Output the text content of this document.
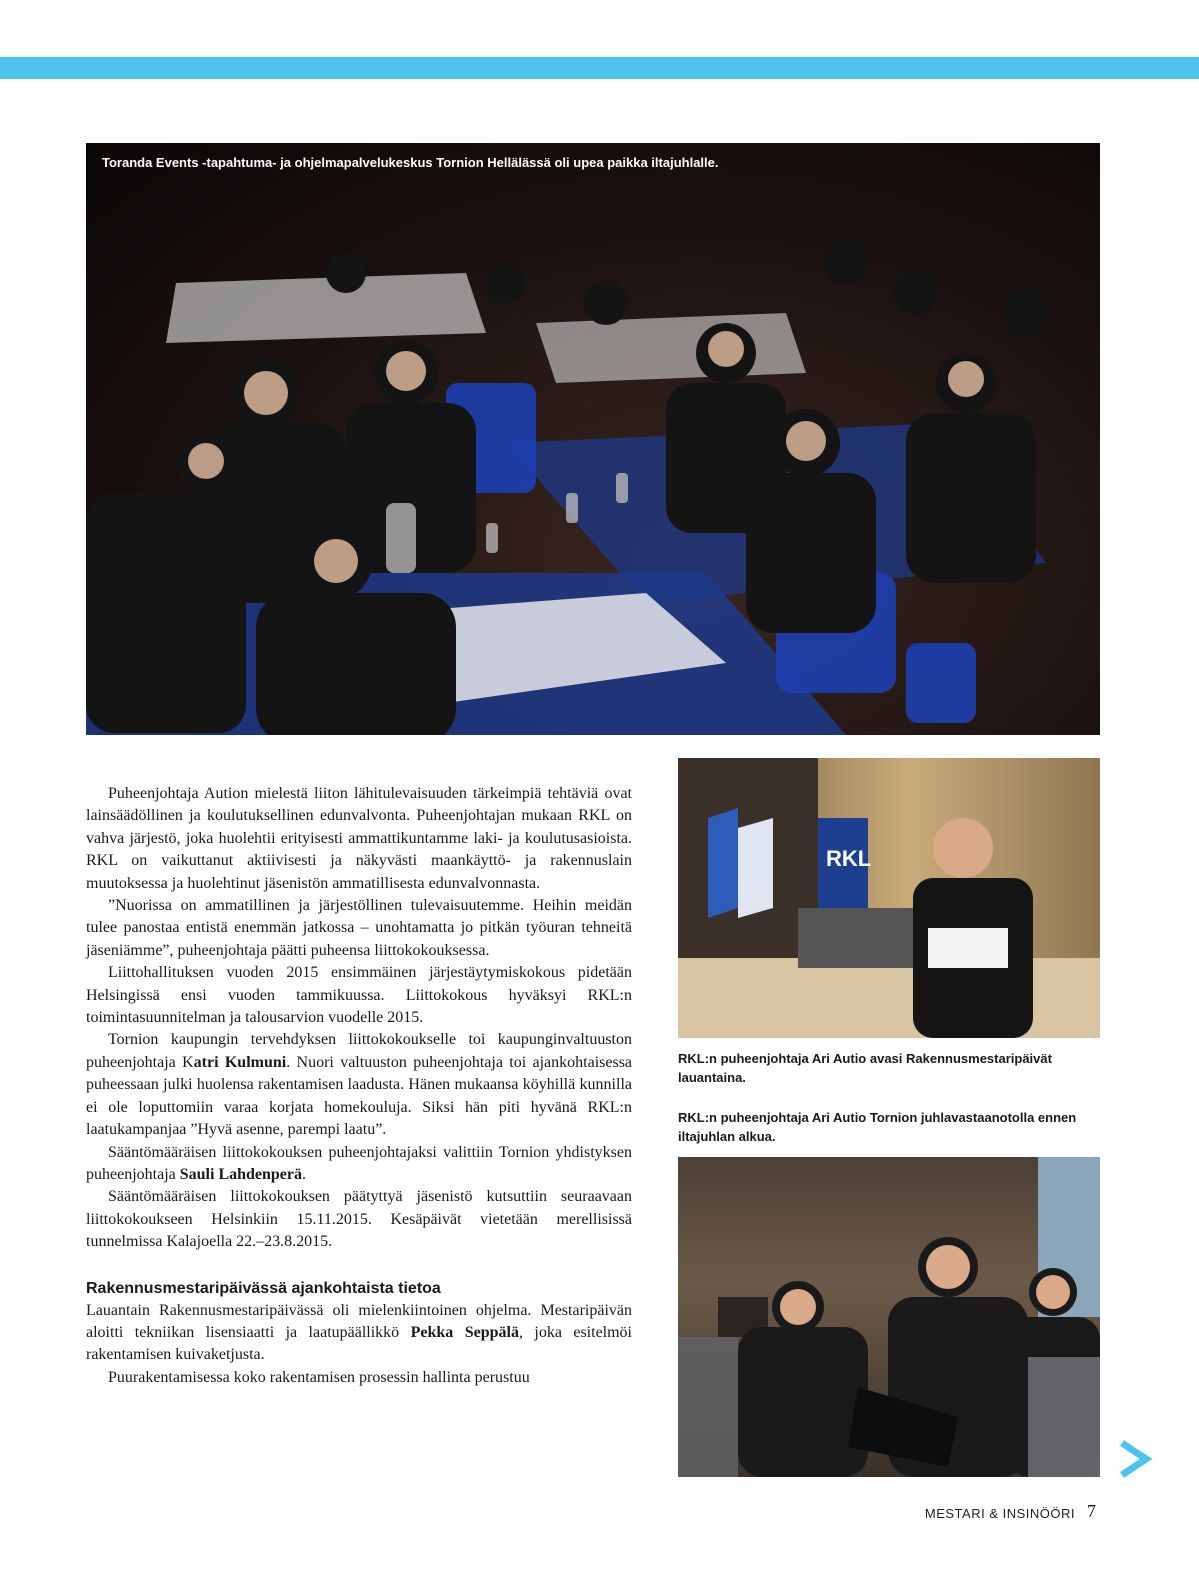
Toranda Events -tapahtuma- ja ohjelmapalvelukeskus Tornion Hellälässä oli upea paikka iltajuhlalle.

Puheenjohtaja Aution mielestä liiton lähitulevaisuuden tärkeimpiä tehtäviä ovat lainsäädöllinen ja koulutuksellinen edunvalvonta. Puheenjohtajan mukaan RKL on vahva järjestö, joka huolehtii erityisesti ammattikuntamme laki- ja koulutusasioista. RKL on vaikuttanut aktiivisesti ja näkyvästi maankäyttö- ja rakennuslain muutoksessa ja huolehtinut jäsenistön ammatillisesta edunvalvonnasta.

”Nuorissa on ammatillinen ja järjestöllinen tulevaisuutemme. Heihin meidän tulee panostaa entistä enemmän jatkossa – unohtamatta jo pitkän työuran tehneitä jäseniämme”, puheenjohtaja päätti puheensa liittokokouksessa.

Liittohallituksen vuoden 2015 ensimmäinen järjestäytymiskokous pidetään Helsingissä ensi vuoden tammikuussa. Liittokokous hyväksyi RKL:n toimintasuunnitelman ja talousarvion vuodelle 2015.

Tornion kaupungin tervehdyksen liittokokoukselle toi kaupunginvaltuuston puheenjohtaja Katri Kulmuni. Nuori valtuuston puheenjohtaja toi ajankohtaisessa puheessaan julki huolensa rakentamisen laadusta. Hänen mukaansa köyhillä kunnilla ei ole loputtomiin varaa korjata homekouluja. Siksi hän piti hyvänä RKL:n laatukampanjaa ”Hyvä asenne, parempi laatu”.

Sääntömääräisen liittokokouksen puheenjohtajaksi valittiin Tornion yhdistyksen puheenjohtaja Sauli Lahdenperä.

Sääntömääräisen liittokokouksen päätyttyä jäsenistö kutsuttiin seuraavaan liittokokoukseen Helsinkiin 15.11.2015. Kesäpäivät vietetään merellisissä tunnelmissa Kalajoella 22.–23.8.2015.

Rakennusmestaripäivässä ajankohtaista tietoa

Lauantain Rakennusmestaripäivässä oli mielenkiintoinen ohjelma. Mestaripäivän aloitti tekniikan lisensiaatti ja laatupäällikkö Pekka Seppälä, joka esitelmöi rakentamisen kuivaketjusta.

Puurakentamisessa koko rakentamisen prosessin hallinta perustuu

RKL
RKL:n puheenjohtaja Ari Autio avasi Rakennusmestaripäivät lauantaina.
RKL:n puheenjohtaja Ari Autio Tornion juhlavastaanotolla ennen iltajuhlan alkua.
MESTARI & INSINÖÖRI 7
